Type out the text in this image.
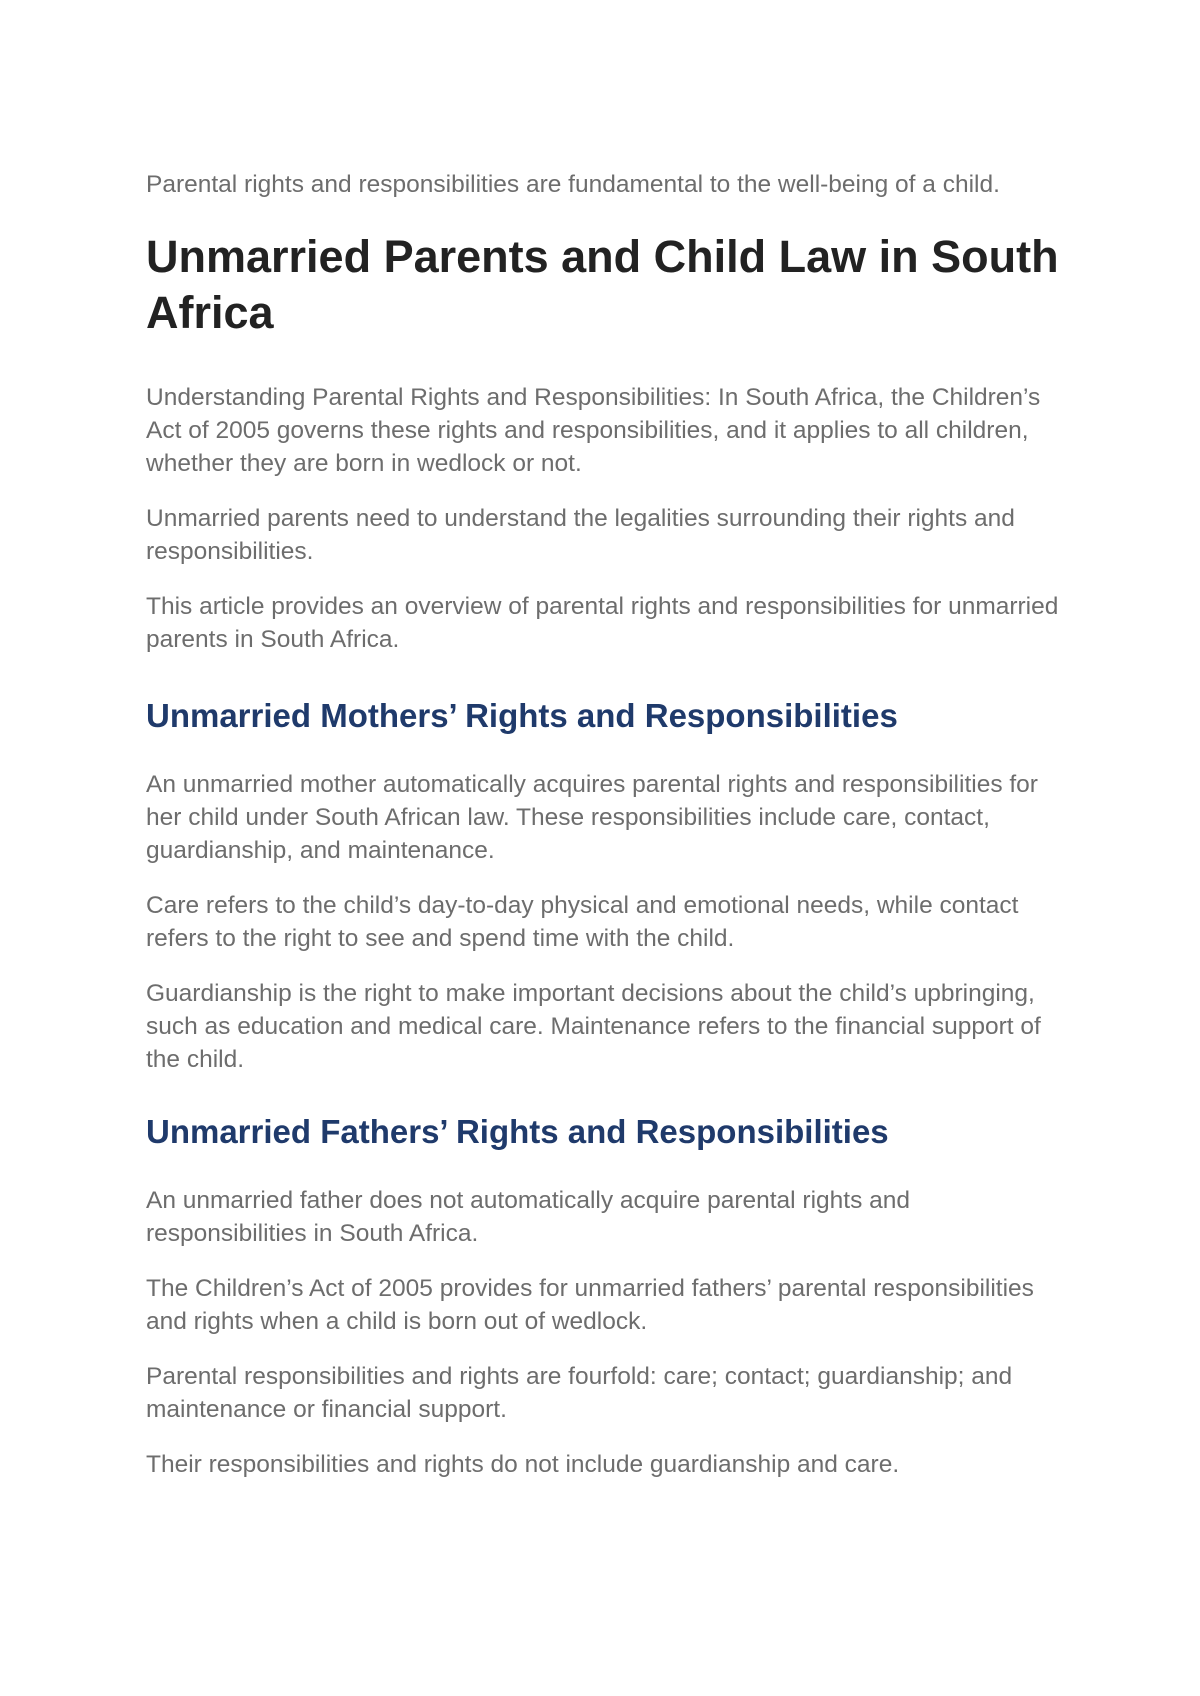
Parental rights and responsibilities are fundamental to the well-being of a child.

Unmarried Parents and Child Law in South Africa

Understanding Parental Rights and Responsibilities: In South Africa, the Children’s Act of 2005 governs these rights and responsibilities, and it applies to all children, whether they are born in wedlock or not.

Unmarried parents need to understand the legalities surrounding their rights and responsibilities.

This article provides an overview of parental rights and responsibilities for unmarried parents in South Africa.

Unmarried Mothers’ Rights and Responsibilities

An unmarried mother automatically acquires parental rights and responsibilities for her child under South African law. These responsibilities include care, contact, guardianship, and maintenance.

Care refers to the child’s day-to-day physical and emotional needs, while contact refers to the right to see and spend time with the child.

Guardianship is the right to make important decisions about the child’s upbringing, such as education and medical care. Maintenance refers to the financial support of the child.

Unmarried Fathers’ Rights and Responsibilities

An unmarried father does not automatically acquire parental rights and responsibilities in South Africa.

The Children’s Act of 2005 provides for unmarried fathers’ parental responsibilities and rights when a child is born out of wedlock.

Parental responsibilities and rights are fourfold: care; contact; guardianship; and maintenance or financial support.

Their responsibilities and rights do not include guardianship and care.
